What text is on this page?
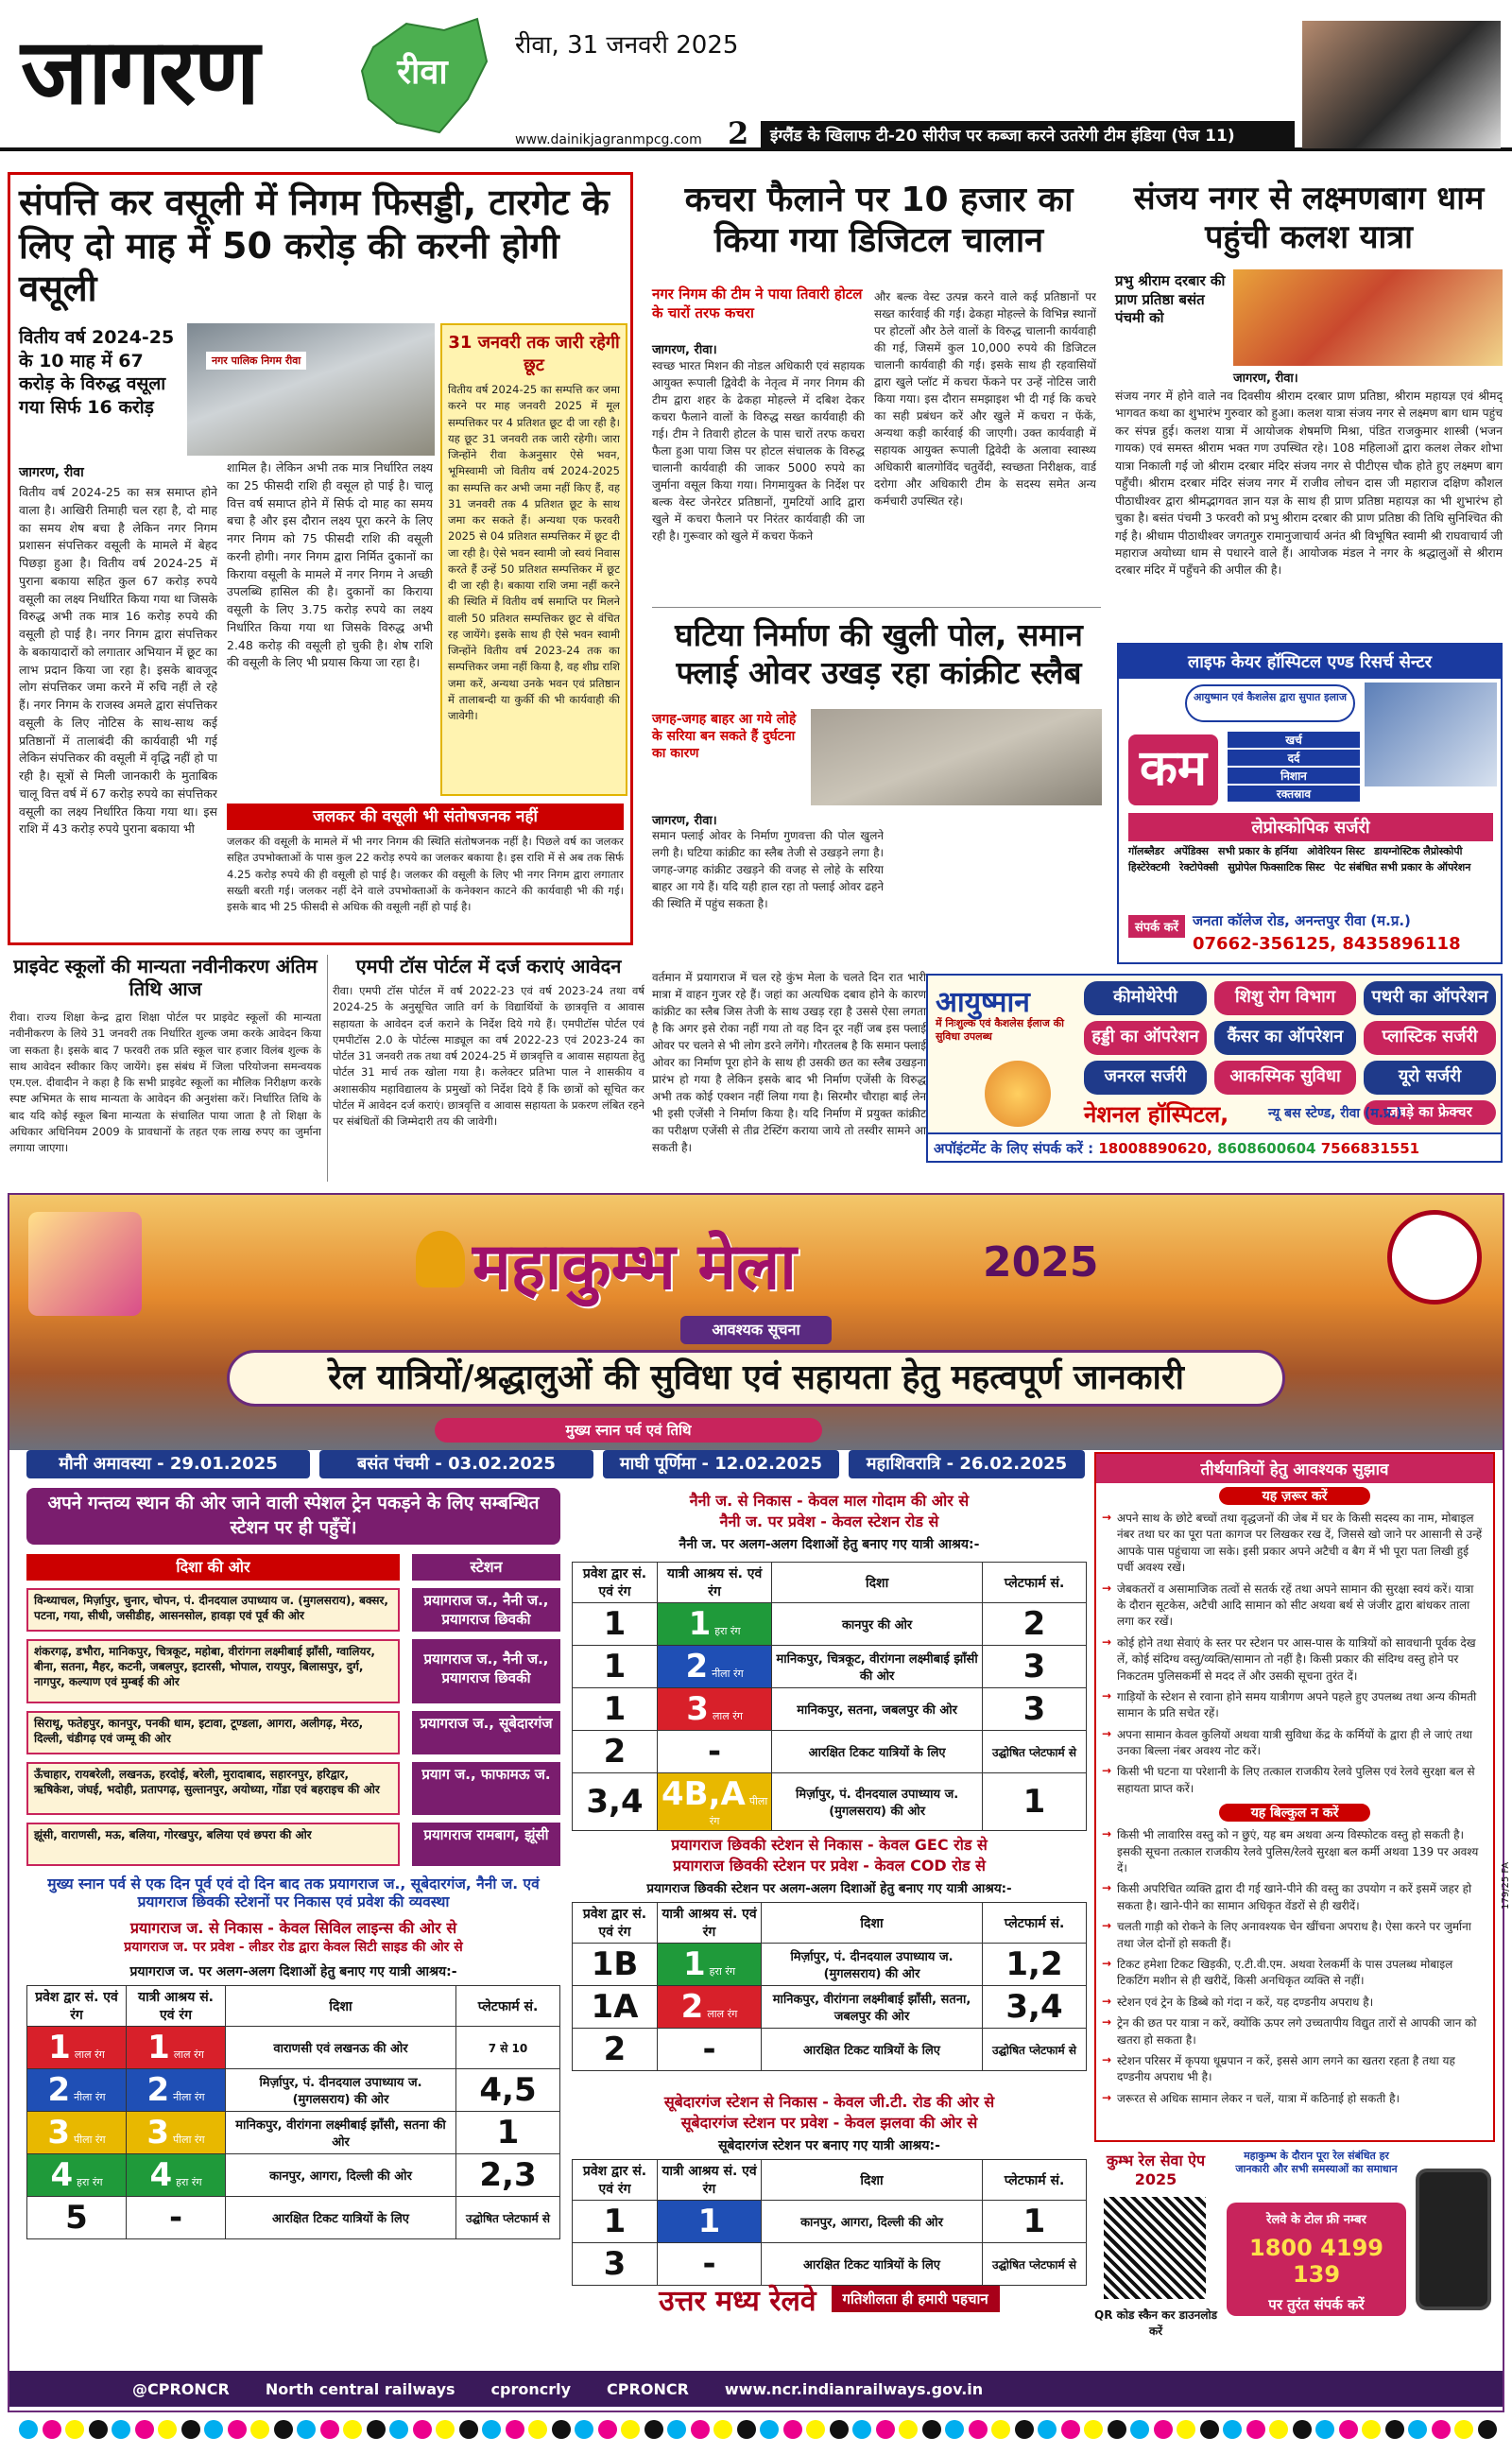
जागरण	रीवा
रीवा, 31 जनवरी 2025
www.dainikjagranmpcg.com 2	इंग्लैंड के खिलाफ टी-20 सीरीज पर कब्जा करने उतरेगी टीम इंडिया (पेज 11)
संपत्ति कर वसूली में निगम फिसड्डी, टारगेट के लिए दो माह में 50 करोड़ की करनी होगी वसूली
वितीय वर्ष 2024-25 के 10 माह में 67 करोड़ के विरुद्ध वसूला गया सिर्फ 16 करोड़
नगर पालिक निगम रीवा
31 जनवरी तक जारी रहेगी छूट
वितीय वर्ष 2024-25 का सम्पत्ति कर जमा करने पर माह जनवरी 2025 में मूल सम्पत्तिकर पर 4 प्रतिशत छूट दी जा रही है। यह छूट 31 जनवरी तक जारी रहेगी। जारा जिन्होंने रीवा केअनुसार ऐसे भवन, भूमिस्वामी जो वितीय वर्ष 2024-2025 का सम्पत्ति कर अभी जमा नहीं किए हैं, वह 31 जनवरी तक 4 प्रतिशत छूट के साथ जमा कर सकते हैं। अन्यथा एक फरवरी 2025 से 04 प्रतिशत सम्पत्तिकर में छूट दी जा रही है। ऐसे भवन स्वामी जो स्वयं निवास करते हैं उन्हें 50 प्रतिशत सम्पत्तिकर में छूट दी जा रही है। बकाया राशि जमा नहीं करने की स्थिति में वितीय वर्ष समाप्ति पर मिलने वाली 50 प्रतिशत सम्पत्तिकर छूट से वंचित रह जायेंगे। इसके साथ ही ऐसे भवन स्वामी जिन्होंने वितीय वर्ष 2023-24 तक का सम्पत्तिकर जमा नहीं किया है, वह शीघ्र राशि जमा करें, अन्यथा उनके भवन एवं प्रतिष्ठान में तालाबन्दी या कुर्की की भी कार्यवाही की जावेगी।
जागरण, रीवा
वितीय वर्ष 2024-25 का सत्र समाप्त होने वाला है। आखिरी तिमाही चल रहा है, दो माह का समय शेष बचा है लेकिन नगर निगम प्रशासन संपत्तिकर वसूली के मामले में बेहद पिछड़ा हुआ है। वितीय वर्ष 2024-25 में पुराना बकाया सहित कुल 67 करोड़ रुपये वसूली का लक्ष्य निर्धारित किया गया था जिसके विरुद्ध अभी तक मात्र 16 करोड़ रुपये की वसूली हो पाई है। नगर निगम द्वारा संपत्तिकर के बकायादारों को लगातार अभियान में छूट का लाभ प्रदान किया जा रहा है। इसके बावजूद लोग संपत्तिकर जमा करने में रुचि नहीं ले रहे हैं। नगर निगम के राजस्व अमले द्वारा संपत्तिकर वसूली के लिए नोटिस के साथ-साथ कई प्रतिष्ठानों में तालाबंदी की कार्यवाही भी गई लेकिन संपत्तिकर की वसूली में वृद्धि नहीं हो पा रही है। सूत्रों से मिली जानकारी के मुताबिक चालू वित्त वर्ष में 67 करोड़ रुपये का संपत्तिकर वसूली का लक्ष्य निर्धारित किया गया था। इस राशि में 43 करोड़ रुपये पुराना बकाया भी
शामिल है। लेकिन अभी तक मात्र निर्धारित लक्ष्य का 25 फीसदी राशि ही वसूल हो पाई है। चालू वित्त वर्ष समाप्त होने में सिर्फ दो माह का समय बचा है और इस दौरान लक्ष्य पूरा करने के लिए नगर निगम को 75 फीसदी राशि की वसूली करनी होगी। नगर निगम द्वारा निर्मित दुकानों का किराया वसूली के मामले में नगर निगम ने अच्छी उपलब्धि हासिल की है। दुकानों का किराया वसूली के लिए 3.75 करोड़ रुपये का लक्ष्य निर्धारित किया गया था जिसके विरुद्ध अभी 2.48 करोड़ की वसूली हो चुकी है। शेष राशि की वसूली के लिए भी प्रयास किया जा रहा है।
जलकर की वसूली भी संतोषजनक नहीं
जलकर की वसूली के मामले में भी नगर निगम की स्थिति संतोषजनक नहीं है। पिछले वर्ष का जलकर सहित उपभोक्ताओं के पास कुल 22 करोड़ रुपये का जलकर बकाया है। इस राशि में से अब तक सिर्फ 4.25 करोड़ रुपये की ही वसूली हो पाई है। जलकर की वसूली के लिए भी नगर निगम द्वारा लगातार सख्ती बरती गई। जलकर नहीं देने वाले उपभोक्ताओं के कनेक्शन काटने की कार्यवाही भी की गई। इसके बाद भी 25 फीसदी से अधिक की वसूली नहीं हो पाई है।
कचरा फैलाने पर 10 हजार का किया गया डिजिटल चालान
नगर निगम की टीम ने पाया तिवारी होटल के चारों तरफ कचरा
जागरण, रीवा।
स्वच्छ भारत मिशन की नोडल अधिकारी एवं सहायक आयुक्त रूपाली द्विवेदी के नेतृत्व में नगर निगम की टीम द्वारा शहर के ढेकहा मोहल्ले में दबिश देकर कचरा फैलाने वालों के विरुद्ध सख्त कार्यवाही की गई। टीम ने तिवारी होटल के पास चारों तरफ कचरा फैला हुआ पाया जिस पर होटल संचालक के विरुद्ध चालानी कार्यवाही की जाकर 5000 रुपये का जुर्माना वसूल किया गया। निगमायुक्त के निर्देश पर बल्क वेस्ट जेनरेटर प्रतिष्ठानों, गुमटियों आदि द्वारा खुले में कचरा फैलाने पर निरंतर कार्यवाही की जा रही है। गुरूवार को खुले में कचरा फेंकने
और बल्क वेस्ट उत्पन्न करने वाले कई प्रतिष्ठानों पर सख्त कार्रवाई की गई। ढेकहा मोहल्ले के विभिन्न स्थानों पर होटलों और ठेले वालों के विरुद्ध चालानी कार्यवाही की गई, जिसमें कुल 10,000 रुपये की डिजिटल चालानी कार्यवाही की गई। इसके साथ ही रहवासियों द्वारा खुले प्लॉट में कचरा फेंकने पर उन्हें नोटिस जारी किया गया। इस दौरान समझाइश भी दी गई कि कचरे का सही प्रबंधन करें और खुले में कचरा न फेंकें, अन्यथा कड़ी कार्रवाई की जाएगी। उक्त कार्यवाही में सहायक आयुक्त रूपाली द्विवेदी के अलावा स्वास्थ्य अधिकारी बालगोविंद चतुर्वेदी, स्वच्छता निरीक्षक, वार्ड दरोगा और अधिकारी टीम के सदस्य समेत अन्य कर्मचारी उपस्थित रहे।
संजय नगर से लक्ष्मणबाग धाम पहुंची कलश यात्रा
प्रभु श्रीराम दरबार की प्राण प्रतिष्ठा बसंत पंचमी को
जागरण, रीवा।
संजय नगर में होने वाले नव दिवसीय श्रीराम दरबार प्राण प्रतिष्ठा, श्रीराम महायज्ञ एवं श्रीमद् भागवत कथा का शुभारंभ गुरुवार को हुआ। कलश यात्रा संजय नगर से लक्ष्मण बाग धाम पहुंच कर संपन्न हुई। कलश यात्रा में आयोजक शेषमणि मिश्रा, पंडित राजकुमार शास्त्री (भजन गायक) एवं समस्त श्रीराम भक्त गण उपस्थित रहे। 108 महिलाओं द्वारा कलश लेकर शोभा यात्रा निकाली गई जो श्रीराम दरबार मंदिर संजय नगर से पीटीएस चौक होते हुए लक्ष्मण बाग पहुँची। श्रीराम दरबार मंदिर संजय नगर में राजीव लोचन दास जी महाराज दक्षिण कौशल पीठाधीश्वर द्वारा श्रीमद्भागवत ज्ञान यज्ञ के साथ ही प्राण प्रतिष्ठा महायज्ञ का भी शुभारंभ हो चुका है। बसंत पंचमी 3 फरवरी को प्रभु श्रीराम दरबार की प्राण प्रतिष्ठा की तिथि सुनिश्चित की गई है। श्रीधाम पीठाधीश्वर जगतगुरु रामानुजाचार्य अनंत श्री विभूषित स्वामी श्री राघवाचार्य जी महाराज अयोध्या धाम से पधारने वाले हैं। आयोजक मंडल ने नगर के श्रद्धालुओं से श्रीराम दरबार मंदिर में पहुँचने की अपील की है।
लाइफ केयर हॉस्पिटल एण्ड रिसर्च सेन्टर
आयुष्मान एवं कैशलेस द्वारा सुपात इलाज
कम	खर्च
दर्द
निशान
रक्तस्राव
लेप्रोस्कोपिक सर्जरी
गॉलब्लैडर अपेंडिक्स सभी प्रकार के हर्निया ओवेरियन सिस्ट डायग्नोस्टिक लैप्रोस्कोपी
हिस्टेरेक्टमी रेक्टोपेक्सी सुप्रोपेल फिक्साटिक सिस्ट पेट संबंधित सभी प्रकार के ऑपरेशन
संपर्क करें	जनता कॉलेज रोड, अनन्तपुर रीवा (म.प्र.)
07662-356125, 8435896118
घटिया निर्माण की खुली पोल, समान फ्लाई ओवर उखड़ रहा कांक्रीट स्लैब
जगह-जगह बाहर आ गये लोहे के सरिया बन सकते हैं दुर्घटना का कारण
जागरण, रीवा।
समान फ्लाई ओवर के निर्माण गुणवत्ता की पोल खुलने लगी है। घटिया कांक्रीट का स्लैब तेजी से उखड़ने लगा है। जगह-जगह कांक्रीट उखड़ने की वजह से लोहे के सरिया बाहर आ गये हैं। यदि यही हाल रहा तो फ्लाई ओवर ढहने की स्थिति में पहुंच सकता है।
वर्तमान में प्रयागराज में चल रहे कुंभ मेला के चलते दिन रात भारी मात्रा में वाहन गुजर रहे हैं। जहां का अत्यधिक दबाव होने के कारण कांक्रीट का स्लैब जिस तेजी के साथ उखड़ रहा है उससे ऐसा लगता है कि अगर इसे रोका नहीं गया तो वह दिन दूर नहीं जब इस फ्लाई ओवर पर चलने से भी लोग डरने लगेंगे। गौरतलब है कि समान फ्लाई ओवर का निर्माण पूरा होने के साथ ही उसकी छत का स्लैब उखड़ना प्रारंभ हो गया है लेकिन इसके बाद भी निर्माण एजेंसी के विरुद्ध अभी तक कोई एक्शन नहीं लिया गया है। सिरमौर चौराहा बाई लेन भी इसी एजेंसी ने निर्माण किया है। यदि निर्माण में प्रयुक्त कांक्रीट का परीक्षण एजेंसी से तीव्र टेस्टिंग कराया जाये तो तस्वीर सामने आ सकती है।
प्राइवेट स्कूलों की मान्यता नवीनीकरण अंतिम तिथि आज
रीवा। राज्य शिक्षा केन्द्र द्वारा शिक्षा पोर्टल पर प्राइवेट स्कूलों की मान्यता नवीनीकरण के लिये 31 जनवरी तक निर्धारित शुल्क जमा करके आवेदन किया जा सकता है। इसके बाद 7 फरवरी तक प्रति स्कूल चार हजार विलंब शुल्क के साथ आवेदन स्वीकार किए जायेंगे। इस संबंध में जिला परियोजना समन्वयक एम.एल. दीवादीन ने कहा है कि सभी प्राइवेट स्कूलों का मौलिक निरीक्षण करके स्पष्ट अभिमत के साथ मान्यता के आवेदन की अनुशंसा करें। निर्धारित तिथि के बाद यदि कोई स्कूल बिना मान्यता के संचालित पाया जाता है तो शिक्षा के अधिकार अधिनियम 2009 के प्रावधानों के तहत एक लाख रुपए का जुर्माना लगाया जाएगा।
एमपी टॉस पोर्टल में दर्ज कराएं आवेदन
रीवा। एमपी टॉस पोर्टल में वर्ष 2022-23 एवं वर्ष 2023-24 तथा वर्ष 2024-25 के अनुसूचित जाति वर्ग के विद्यार्थियों के छात्रवृत्ति व आवास सहायता के आवेदन दर्ज कराने के निर्देश दिये गये हैं। एमपीटॉस पोर्टल एवं एमपीटॉस 2.0 के पोर्टल्स माड्यूल का वर्ष 2022-23 एवं 2023-24 का पोर्टल 31 जनवरी तक तथा वर्ष 2024-25 में छात्रवृत्ति व आवास सहायता हेतु पोर्टल 31 मार्च तक खोला गया है। कलेक्टर प्रतिभा पाल ने शासकीय व अशासकीय महाविद्यालय के प्रमुखों को निर्देश दिये हैं कि छात्रों को सूचित कर पोर्टल में आवेदन दर्ज कराएं। छात्रवृत्ति व आवास सहायता के प्रकरण लंबित रहने पर संबंधितों की जिम्मेदारी तय की जावेगी।
आयुष्मान
में निःशुल्क एवं कैशलेस ईलाज की सुविधा उपलब्ध
कीमोथेरेपी	शिशु रोग विभाग	पथरी का ऑपरेशन
हड्डी का ऑपरेशन	कैंसर का ऑपरेशन	प्लास्टिक सर्जरी
जनरल सर्जरी	आकस्मिक सुविधा	यूरो सर्जरी
जबड़े का फ्रेक्चर
नेशनल हॉस्पिटल,	न्यू बस स्टेण्ड, रीवा (म.प्र.)
अपॉइंटमेंट के लिए संपर्क करें : 18008890620, 8608600604 7566831551
महाकुम्भ मेला	2025
आवश्यक सूचना
रेल यात्रियों/श्रद्धालुओं की सुविधा एवं सहायता हेतु महत्वपूर्ण जानकारी
मुख्य स्नान पर्व एवं तिथि
मौनी अमावस्या - 29.01.2025	बसंत पंचमी - 03.02.2025	माघी पूर्णिमा - 12.02.2025	महाशिवरात्रि - 26.02.2025
अपने गन्तव्य स्थान की ओर जाने वाली स्पेशल ट्रेन पकड़ने के लिए सम्बन्धित स्टेशन पर ही पहुँचें।
दिशा की ओर	स्टेशन
विन्ध्याचल, मिर्ज़ापुर, चुनार, चोपन, पं. दीनदयाल उपाध्याय ज. (मुगलसराय), बक्सर, पटना, गया, सीधी, जसीडीह, आसनसोल, हावड़ा एवं पूर्व की ओर
प्रयागराज ज., नैनी ज., प्रयागराज छिवकी
शंकरगढ़, डभौरा, मानिकपुर, चित्रकूट, महोबा, वीरांगना लक्ष्मीबाई झाँसी, ग्वालियर, बीना, सतना, मैहर, कटनी, जबलपुर, इटारसी, भोपाल, रायपुर, बिलासपुर, दुर्ग, नागपुर, कल्याण एवं मुम्बई की ओर
प्रयागराज ज., नैनी ज., प्रयागराज छिवकी
सिराथू, फतेहपुर, कानपुर, पनकी धाम, इटावा, टूण्डला, आगरा, अलीगढ़, मेरठ, दिल्ली, चंडीगढ़ एवं जम्मू की ओर
प्रयागराज ज., सूबेदारगंज
ऊँचाहार, रायबरेली, लखनऊ, हरदोई, बरेली, मुरादाबाद, सहारनपुर, हरिद्वार, ऋषिकेश, जंघई, भदोही, प्रतापगढ़, सुल्तानपुर, अयोध्या, गोंडा एवं बहराइच की ओर
प्रयाग ज., फाफामऊ ज.
झूंसी, वाराणसी, मऊ, बलिया, गोरखपुर, बलिया एवं छपरा की ओर	प्रयागराज रामबाग, झूंसी
मुख्य स्नान पर्व से एक दिन पूर्व एवं दो दिन बाद तक प्रयागराज ज., सूबेदारगंज, नैनी ज. एवं प्रयागराज छिवकी स्टेशनों पर निकास एवं प्रवेश की व्यवस्था
प्रयागराज ज. से निकास - केवल सिविल लाइन्स की ओर से
प्रयागराज ज. पर प्रवेश - लीडर रोड द्वारा केवल सिटी साइड की ओर से
प्रयागराज ज. पर अलग-अलग दिशाओं हेतु बनाए गए यात्री आश्रय:-
प्रवेश द्वार सं. एवं रंग	यात्री आश्रय सं. एवं रंग	दिशा	प्लेटफार्म सं.
1 लाल रंग	1 लाल रंग	वाराणसी एवं लखनऊ की ओर	7 से 10
2 नीला रंग	2 नीला रंग	मिर्ज़ापुर, पं. दीनदयाल उपाध्याय ज. (मुगलसराय) की ओर	4,5
3 पीला रंग	3 पीला रंग	मानिकपुर, वीरांगना लक्ष्मीबाई झाँसी, सतना की ओर	1
4 हरा रंग	4 हरा रंग	कानपुर, आगरा, दिल्ली की ओर	2,3
5	-	आरक्षित टिकट यात्रियों के लिए	उद्घोषित प्लेटफार्म से
नैनी ज. से निकास - केवल माल गोदाम की ओर से
नैनी ज. पर प्रवेश - केवल स्टेशन रोड से
नैनी ज. पर अलग-अलग दिशाओं हेतु बनाए गए यात्री आश्रय:-
प्रवेश द्वार सं. एवं रंग	यात्री आश्रय सं. एवं रंग	दिशा	प्लेटफार्म सं.
1	1 हरा रंग	कानपुर की ओर	2
1	2 नीला रंग	मानिकपुर, चित्रकूट, वीरांगना लक्ष्मीबाई झाँसी की ओर	3
1	3 लाल रंग	मानिकपुर, सतना, जबलपुर की ओर	3
2	-	आरक्षित टिकट यात्रियों के लिए	उद्घोषित प्लेटफार्म से
3,4	4B,A पीला रंग	मिर्ज़ापुर, पं. दीनदयाल उपाध्याय ज. (मुगलसराय) की ओर	1
प्रयागराज छिवकी स्टेशन से निकास - केवल GEC रोड से
प्रयागराज छिवकी स्टेशन पर प्रवेश - केवल COD रोड से
प्रयागराज छिवकी स्टेशन पर अलग-अलग दिशाओं हेतु बनाए गए यात्री आश्रय:-
प्रवेश द्वार सं. एवं रंग	यात्री आश्रय सं. एवं रंग	दिशा	प्लेटफार्म सं.
1B	1 हरा रंग	मिर्ज़ापुर, पं. दीनदयाल उपाध्याय ज. (मुगलसराय) की ओर	1,2
1A	2 लाल रंग	मानिकपुर, वीरांगना लक्ष्मीबाई झाँसी, सतना, जबलपुर की ओर	3,4
2	-	आरक्षित टिकट यात्रियों के लिए	उद्घोषित प्लेटफार्म से
सूबेदारगंज स्टेशन से निकास - केवल जी.टी. रोड की ओर से
सूबेदारगंज स्टेशन पर प्रवेश - केवल झलवा की ओर से
सूबेदारगंज स्टेशन पर बनाए गए यात्री आश्रय:-
प्रवेश द्वार सं. एवं रंग	यात्री आश्रय सं. एवं रंग	दिशा	प्लेटफार्म सं.
1	1	कानपुर, आगरा, दिल्ली की ओर	1
3	-	आरक्षित टिकट यात्रियों के लिए	उद्घोषित प्लेटफार्म से
उत्तर मध्य रेलवे	गतिशीलता ही हमारी पहचान
तीर्थयात्रियों हेतु आवश्यक सुझाव
यह ज़रूर करें
→ अपने साथ के छोटे बच्चों तथा वृद्धजनों की जेब में घर के किसी सदस्य का नाम, मोबाइल नंबर तथा घर का पूरा पता कागज पर लिखकर रख दें, जिससे खो जाने पर आसानी से उन्हें आपके पास पहुंचाया जा सके। इसी प्रकार अपने अटैची व बैग में भी पूरा पता लिखी हुई पर्ची अवश्य रखें।
→ जेबकतरों व असामाजिक तत्वों से सतर्क रहें तथा अपने सामान की सुरक्षा स्वयं करें। यात्रा के दौरान सूटकेस, अटैची आदि सामान को सीट अथवा बर्थ से जंजीर द्वारा बांधकर ताला लगा कर रखें।
→ कोई होने तथा सेवाएं के स्तर पर स्टेशन पर आस-पास के यात्रियों को सावधानी पूर्वक देख लें, कोई संदिग्ध वस्तु/व्यक्ति/सामान तो नहीं है। किसी प्रकार की संदिग्ध वस्तु होने पर निकटतम पुलिसकर्मी से मदद लें और उसकी सूचना तुरंत दें।
→ गाड़ियों के स्टेशन से रवाना होने समय यात्रीगण अपने पहले हुए उपलब्ध तथा अन्य कीमती सामान के प्रति सचेत रहें।
→ अपना सामान केवल कुलियों अथवा यात्री सुविधा केंद्र के कर्मियों के द्वारा ही ले जाएं तथा उनका बिल्ला नंबर अवश्य नोट करें।
→ किसी भी घटना या परेशानी के लिए तत्काल राजकीय रेलवे पुलिस एवं रेलवे सुरक्षा बल से सहायता प्राप्त करें।
यह बिल्कुल न करें
→ किसी भी लावारिस वस्तु को न छुएं, यह बम अथवा अन्य विस्फोटक वस्तु हो सकती है। इसकी सूचना तत्काल राजकीय रेलवे पुलिस/रेलवे सुरक्षा बल कर्मी अथवा 139 पर अवश्य दें।
→ किसी अपरिचित व्यक्ति द्वारा दी गई खाने-पीने की वस्तु का उपयोग न करें इसमें जहर हो सकता है। खाने-पीने का सामान अधिकृत वेंडरों से ही खरीदें।
→ चलती गाड़ी को रोकने के लिए अनावश्यक चेन खींचना अपराध है। ऐसा करने पर जुर्माना तथा जेल दोनों हो सकती हैं।
→ टिकट हमेशा टिकट खिड़की, ए.टी.वी.एम. अथवा रेलकर्मी के पास उपलब्ध मोबाइल टिकटिंग मशीन से ही खरीदें, किसी अनधिकृत व्यक्ति से नहीं।
→ स्टेशन एवं ट्रेन के डिब्बे को गंदा न करें, यह दण्डनीय अपराध है।
→ ट्रेन की छत पर यात्रा न करें, क्योंकि ऊपर लगे उच्चतापीय विद्युत तारों से आपकी जान को खतरा हो सकता है।
→ स्टेशन परिसर में कृपया धूम्रपान न करें, इससे आग लगने का खतरा रहता है तथा यह दण्डनीय अपराध भी है।
→ जरूरत से अधिक सामान लेकर न चलें, यात्रा में कठिनाई हो सकती है।
कुम्भ रेल सेवा ऐप 2025
QR कोड स्कैन कर डाउनलोड करें
महाकुम्भ के दौरान पूरा रेल संबंधित हर जानकारी और सभी समस्याओं का समाधान
रेलवे के टोल फ्री नम्बर
1800 4199 139
पर तुरंत संपर्क करें
179/25 FA
@CPRONCR North central railways cproncrly CPRONCR www.ncr.indianrailways.gov.in
